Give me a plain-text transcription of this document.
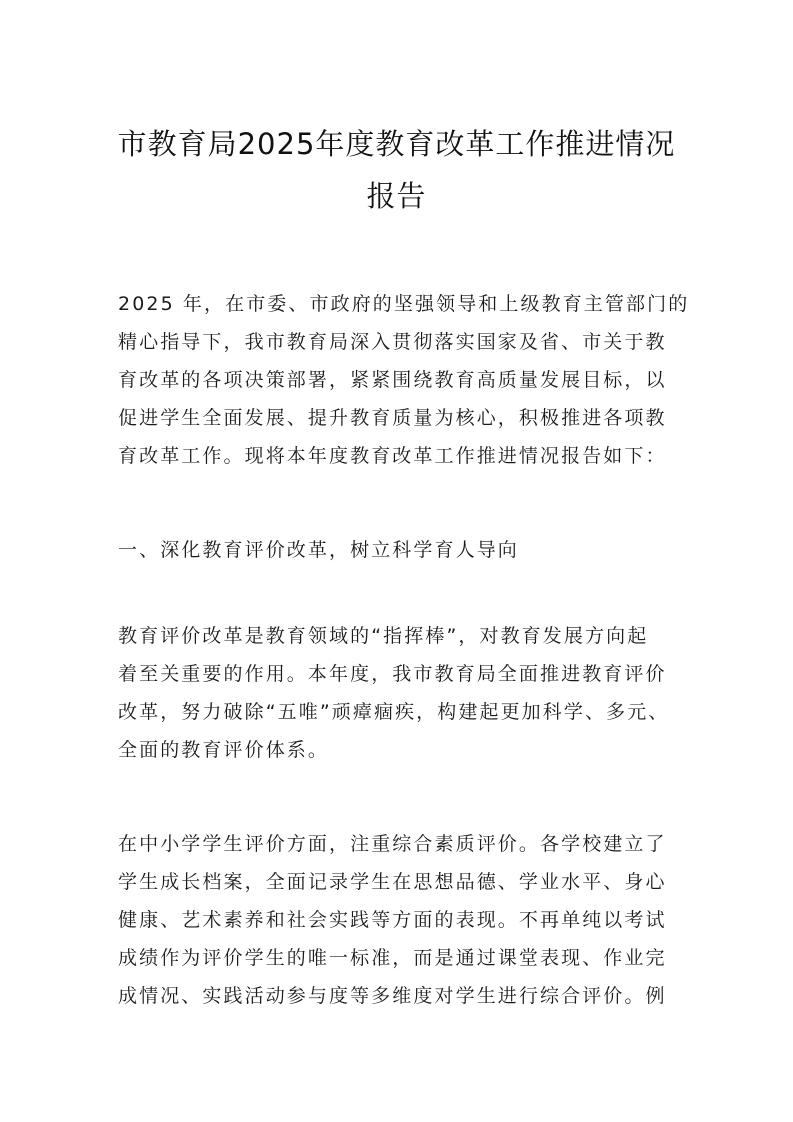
市教育局2025年度教育改革工作推进情况
报告
2025 年，在市委、市政府的坚强领导和上级教育主管部门的
精心指导下，我市教育局深入贯彻落实国家及省、市关于教
育改革的各项决策部署，紧紧围绕教育高质量发展目标，以
促进学生全面发展、提升教育质量为核心，积极推进各项教
育改革工作。现将本年度教育改革工作推进情况报告如下：
一、深化教育评价改革，树立科学育人导向
教育评价改革是教育领域的“指挥棒”，对教育发展方向起
着至关重要的作用。本年度，我市教育局全面推进教育评价
改革，努力破除“五唯”顽瘴痼疾，构建起更加科学、多元、
全面的教育评价体系。
在中小学学生评价方面，注重综合素质评价。各学校建立了
学生成长档案，全面记录学生在思想品德、学业水平、身心
健康、艺术素养和社会实践等方面的表现。不再单纯以考试
成绩作为评价学生的唯一标准，而是通过课堂表现、作业完
成情况、实践活动参与度等多维度对学生进行综合评价。例
